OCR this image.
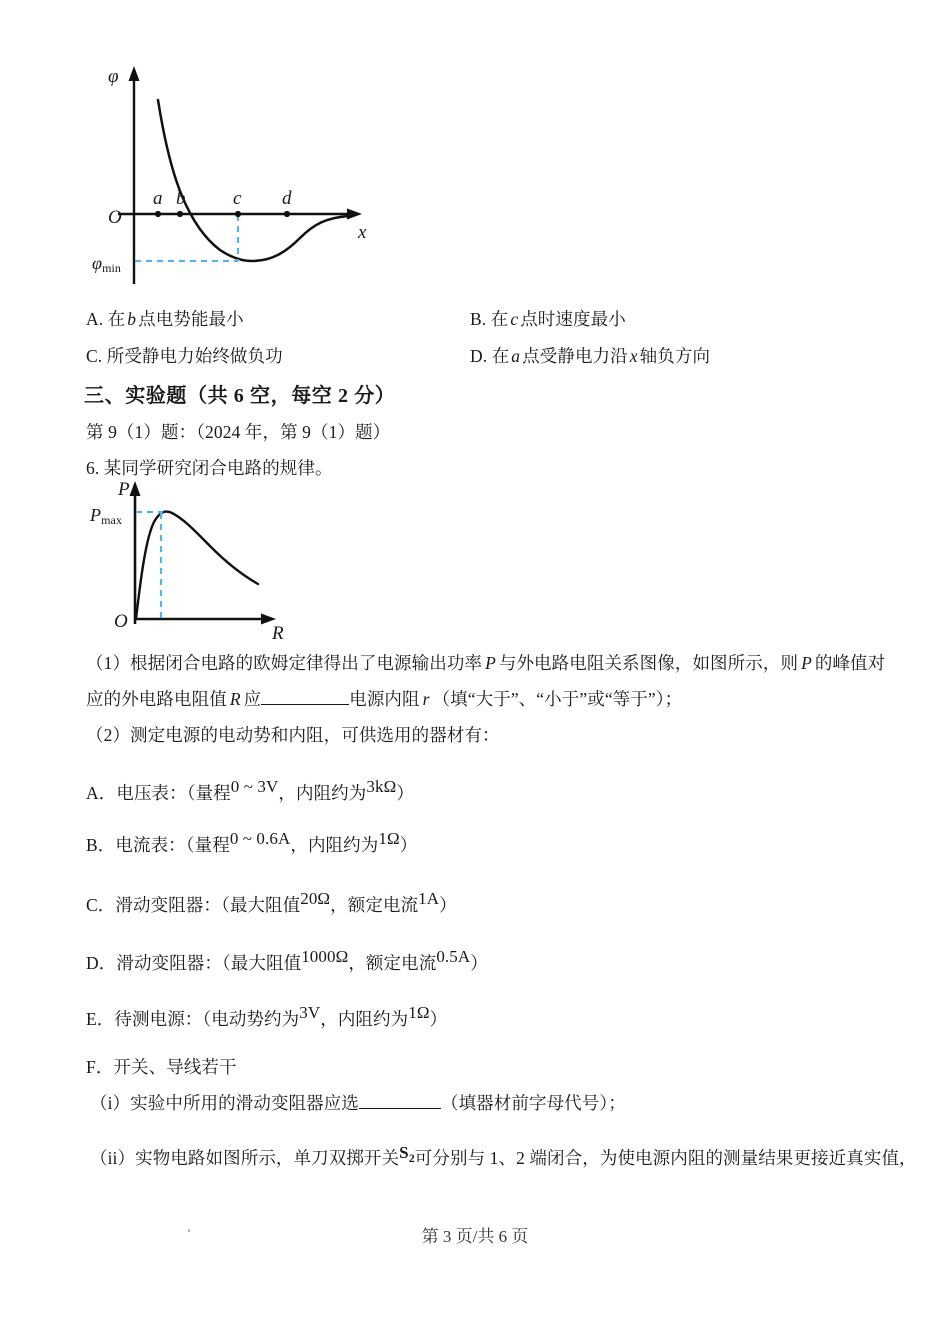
φ
x
O
a b c d
φmin
A. 在 b 点电势能最小	B. 在 c 点时速度最小
C. 所受静电力始终做负功	D. 在 a 点受静电力沿 x 轴负方向
三、实验题（共 6 空，每空 2 分）
第 9（1）题：（2024 年，第 9（1）题）
6. 某同学研究闭合电路的规律。
P
R
O
Pmax
（1）根据闭合电路的欧姆定律得出了电源输出功率 P 与外电路电阻关系图像，如图所示，则 P 的峰值对
应的外电路电阻值 R 应	电源内阻 r （填“大于”、“小于”或“等于”）；
（2）测定电源的电动势和内阻，可供选用的器材有：
A．电压表：（量程0 ~ 3V，内阻约为3kΩ）
B．电流表：（量程0 ~ 0.6A，内阻约为1Ω）
C．滑动变阻器：（最大阻值20Ω，额定电流1A）
D．滑动变阻器：（最大阻值1000Ω，额定电流0.5A）
E．待测电源：（电动势约为3V，内阻约为1Ω）
F．开关、导线若干
（i）实验中所用的滑动变阻器应选	（填器材前字母代号）；
（ii）实物电路如图所示，单刀双掷开关S2可分别与 1、2 端闭合，为使电源内阻的测量结果更接近真实值，
第 3 页/共 6 页
